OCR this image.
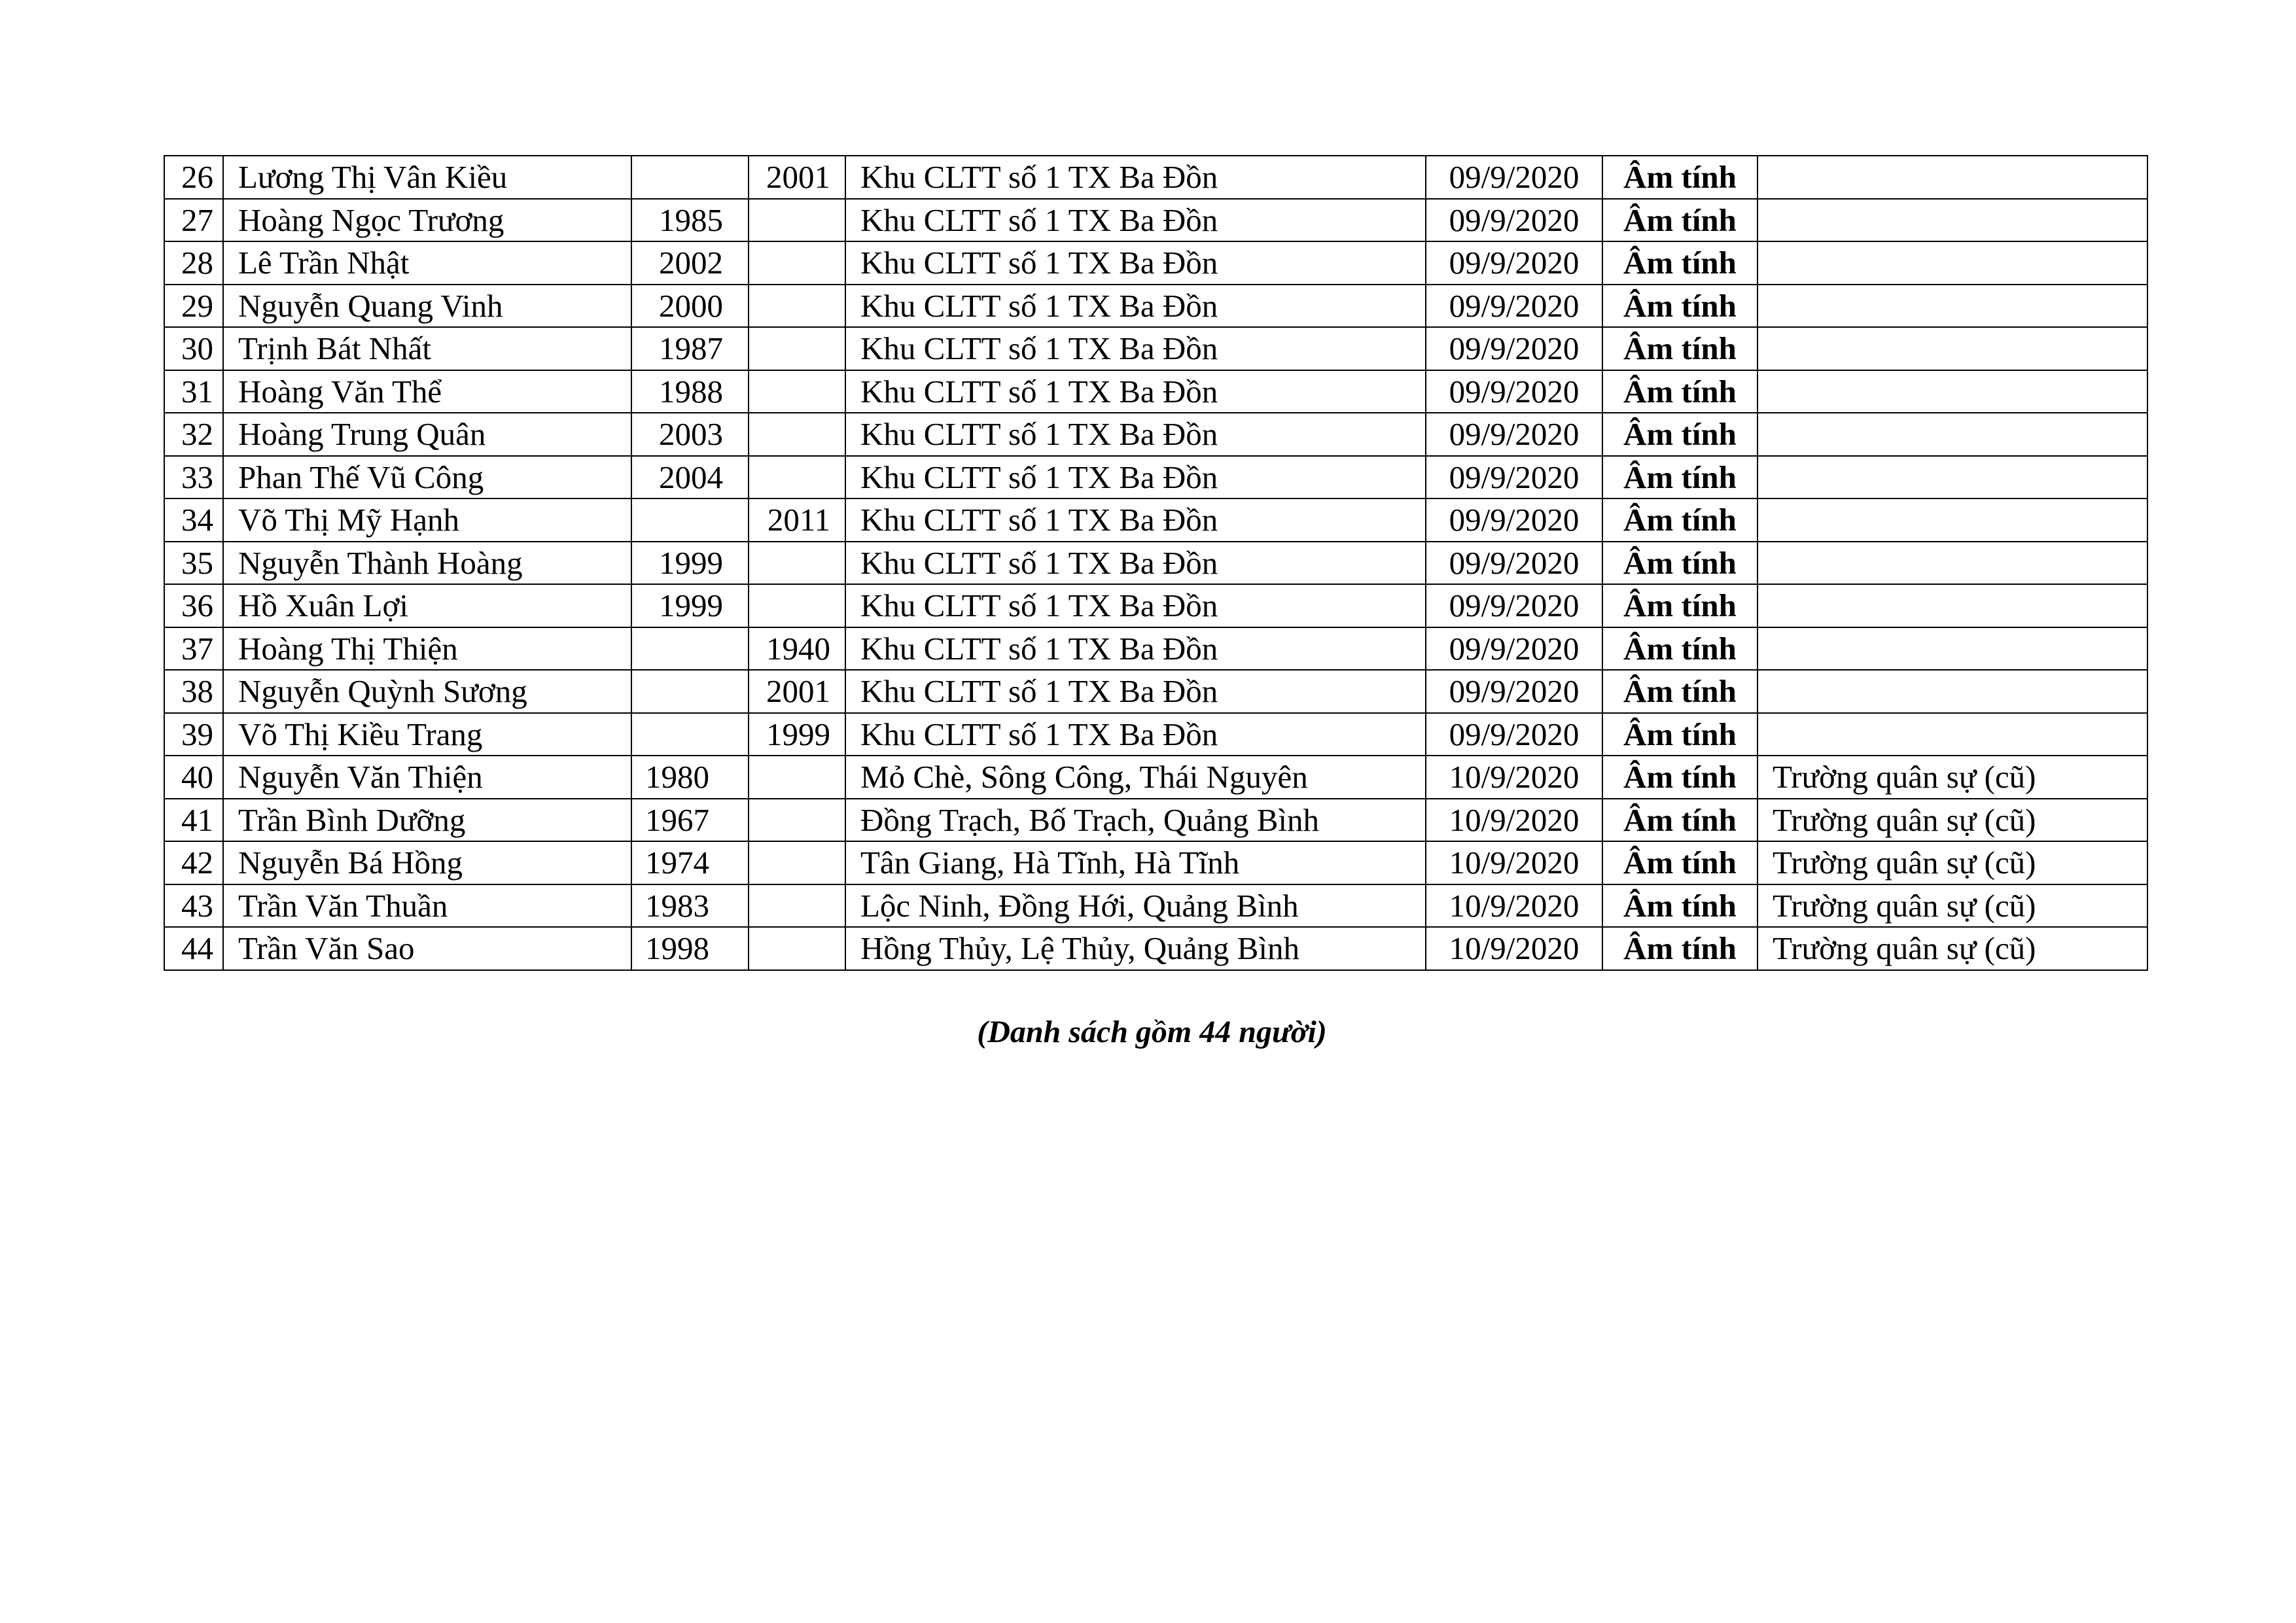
26	Lương Thị Vân Kiều		2001	Khu CLTT số 1 TX Ba Đồn	09/9/2020	Âm tính	
27	Hoàng Ngọc Trương	1985		Khu CLTT số 1 TX Ba Đồn	09/9/2020	Âm tính	
28	Lê Trần Nhật	2002		Khu CLTT số 1 TX Ba Đồn	09/9/2020	Âm tính	
29	Nguyễn Quang Vinh	2000		Khu CLTT số 1 TX Ba Đồn	09/9/2020	Âm tính	
30	Trịnh Bát Nhất	1987		Khu CLTT số 1 TX Ba Đồn	09/9/2020	Âm tính	
31	Hoàng Văn Thể	1988		Khu CLTT số 1 TX Ba Đồn	09/9/2020	Âm tính	
32	Hoàng Trung Quân	2003		Khu CLTT số 1 TX Ba Đồn	09/9/2020	Âm tính	
33	Phan Thế Vũ Công	2004		Khu CLTT số 1 TX Ba Đồn	09/9/2020	Âm tính	
34	Võ Thị Mỹ Hạnh		2011	Khu CLTT số 1 TX Ba Đồn	09/9/2020	Âm tính	
35	Nguyễn Thành Hoàng	1999		Khu CLTT số 1 TX Ba Đồn	09/9/2020	Âm tính	
36	Hồ Xuân Lợi	1999		Khu CLTT số 1 TX Ba Đồn	09/9/2020	Âm tính	
37	Hoàng Thị Thiện		1940	Khu CLTT số 1 TX Ba Đồn	09/9/2020	Âm tính	
38	Nguyễn Quỳnh Sương		2001	Khu CLTT số 1 TX Ba Đồn	09/9/2020	Âm tính	
39	Võ Thị Kiều Trang		1999	Khu CLTT số 1 TX Ba Đồn	09/9/2020	Âm tính	
40	Nguyễn Văn Thiện	1980		Mỏ Chè, Sông Công, Thái Nguyên	10/9/2020	Âm tính	Trường quân sự (cũ)
41	Trần Bình Dưỡng	1967		Đồng Trạch, Bố Trạch, Quảng Bình	10/9/2020	Âm tính	Trường quân sự (cũ)
42	Nguyễn Bá Hồng	1974		Tân Giang, Hà Tĩnh, Hà Tĩnh	10/9/2020	Âm tính	Trường quân sự (cũ)
43	Trần Văn Thuần	1983		Lộc Ninh, Đồng Hới, Quảng Bình	10/9/2020	Âm tính	Trường quân sự (cũ)
44	Trần Văn Sao	1998		Hồng Thủy, Lệ Thủy, Quảng Bình	10/9/2020	Âm tính	Trường quân sự (cũ)
(Danh sách gồm 44 người)
